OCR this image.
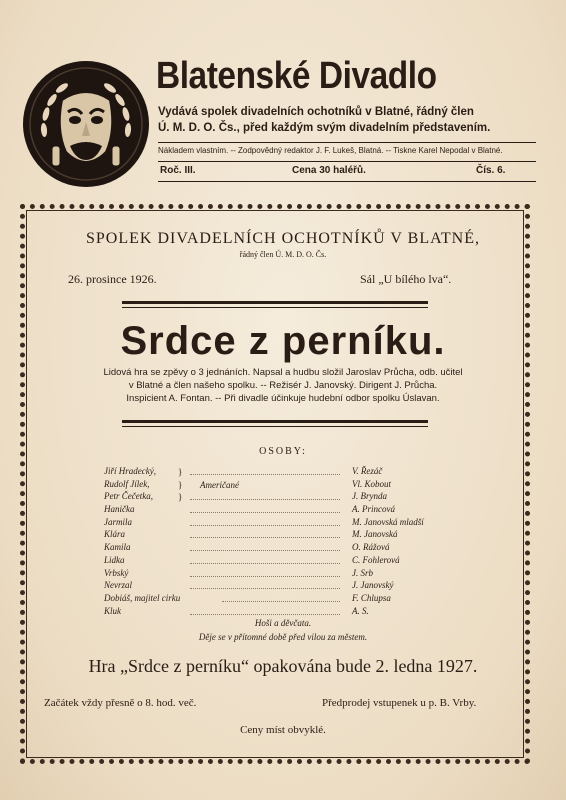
Blatenské Divadlo
Vydává spolek divadelních ochotníků v Blatné, řádný člen
Ú. M. D. O. Čs., před každým svým divadelním představením.
Nákladem vlastním. -- Zodpovědný redaktor J. F. Lukeš, Blatná. -- Tiskne Karel Nepodal v Blatné.
Roč. III.	Cena 30 haléřů.	Čís. 6.
SPOLEK DIVADELNÍCH OCHOTNÍKŮ V BLATNÉ,
řádný člen Ú. M. D. O. Čs.
26. prosince 1926.	Sál „U bílého lva“.
Srdce z perníku.
Lidová hra se zpěvy o 3 jednáních. Napsal a hudbu složil Jaroslav Průcha, odb. učitel
v Blatné a člen našeho spolku. -- Režisér J. Janovský. Dirigent J. Průcha.
Inspicient A. Fontan. -- Při divadle účinkuje hudební odbor spolku Úslavan.
OSOBY:
Jiří Hradecký,	V. Řezáč
Rudolf Jílek,	Vl. Kobout
Petr Čečetka,	J. Brynda
Hanička	A. Princová
Jarmila	M. Janovská mladší
Klára	M. Janovská
Kamila	O. Rážová
Lidka	C. Fohlerová
Vrbský	J. Srb
Nevrzal	J. Janovský
Dobiáš, majitel cirku	F. Chlupsa
Kluk	A. S.
}
}
}
Američané
Hoši a děvčata.
Děje se v přítomné době před vilou za městem.
Hra „Srdce z perníku“ opakována bude 2. ledna 1927.
Začátek vždy přesně o 8. hod. več.	Předprodej vstupenek u p. B. Vrby.
Ceny míst obvyklé.
